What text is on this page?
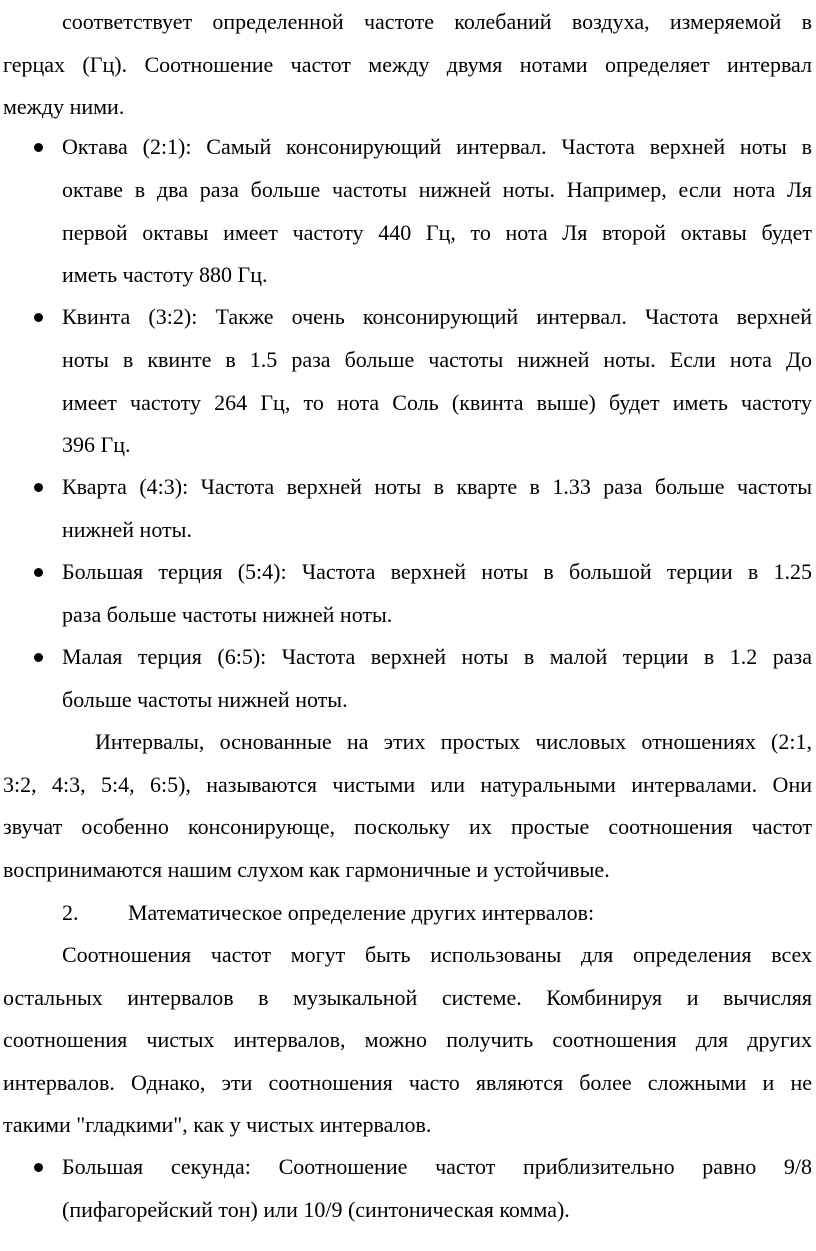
соответствует определенной частоте колебаний воздуха, измеряемой в
герцах (Гц). Соотношение частот между двумя нотами определяет интервал
между ними.
Октава (2:1): Самый консонирующий интервал. Частота верхней ноты в
октаве в два раза больше частоты нижней ноты. Например, если нота Ля
первой октавы имеет частоту 440 Гц, то нота Ля второй октавы будет
иметь частоту 880 Гц.
Квинта (3:2): Также очень консонирующий интервал. Частота верхней
ноты в квинте в 1.5 раза больше частоты нижней ноты. Если нота До
имеет частоту 264 Гц, то нота Соль (квинта выше) будет иметь частоту
396 Гц.
Кварта (4:3): Частота верхней ноты в кварте в 1.33 раза больше частоты
нижней ноты.
Большая терция (5:4): Частота верхней ноты в большой терции в 1.25
раза больше частоты нижней ноты.
Малая терция (6:5): Частота верхней ноты в малой терции в 1.2 раза
больше частоты нижней ноты.
Интервалы, основанные на этих простых числовых отношениях (2:1,
3:2, 4:3, 5:4, 6:5), называются чистыми или натуральными интервалами. Они
звучат особенно консонирующе, поскольку их простые соотношения частот
воспринимаются нашим слухом как гармоничные и устойчивые.
2. Математическое определение других интервалов:
Соотношения частот могут быть использованы для определения всех
остальных интервалов в музыкальной системе. Комбинируя и вычисляя
соотношения чистых интервалов, можно получить соотношения для других
интервалов. Однако, эти соотношения часто являются более сложными и не
такими "гладкими", как у чистых интервалов.
Большая секунда: Соотношение частот приблизительно равно 9/8
(пифагорейский тон) или 10/9 (синтоническая комма).
